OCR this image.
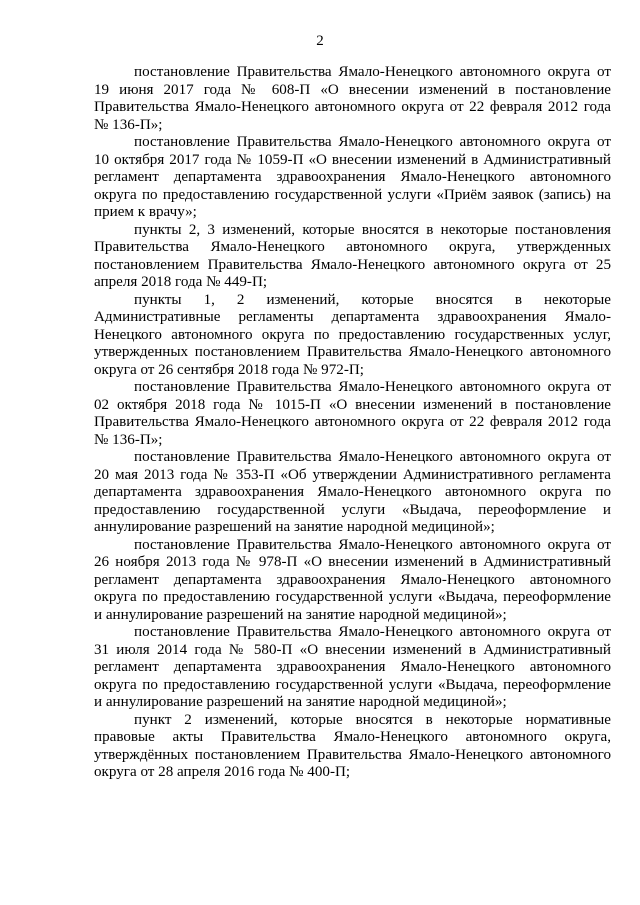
2

постановление Правительства Ямало-Ненецкого автономного округа от 19 июня 2017 года № 608-П «О внесении изменений в постановление Правительства Ямало-Ненецкого автономного округа от 22 февраля 2012 года № 136-П»;

постановление Правительства Ямало-Ненецкого автономного округа от 10 октября 2017 года № 1059-П «О внесении изменений в Административный регламент департамента здравоохранения Ямало-Ненецкого автономного округа по предоставлению государственной услуги «Приём заявок (запись) на прием к врачу»;

пункты 2, 3 изменений, которые вносятся в некоторые постановления Правительства Ямало-Ненецкого автономного округа, утвержденных постановлением Правительства Ямало-Ненецкого автономного округа от 25 апреля 2018 года № 449-П;

пункты 1, 2 изменений, которые вносятся в некоторые Административные регламенты департамента здравоохранения Ямало-Ненецкого автономного округа по предоставлению государственных услуг, утвержденных постановлением Правительства Ямало-Ненецкого автономного округа от 26 сентября 2018 года № 972-П;

постановление Правительства Ямало-Ненецкого автономного округа от 02 октября 2018 года № 1015-П «О внесении изменений в постановление Правительства Ямало-Ненецкого автономного округа от 22 февраля 2012 года № 136-П»;

постановление Правительства Ямало-Ненецкого автономного округа от 20 мая 2013 года № 353-П «Об утверждении Административного регламента департамента здравоохранения Ямало-Ненецкого автономного округа по предоставлению государственной услуги «Выдача, переоформление и аннулирование разрешений на занятие народной медициной»;

постановление Правительства Ямало-Ненецкого автономного округа от 26 ноября 2013 года № 978-П «О внесении изменений в Административный регламент департамента здравоохранения Ямало-Ненецкого автономного округа по предоставлению государственной услуги «Выдача, переоформление и аннулирование разрешений на занятие народной медициной»;

постановление Правительства Ямало-Ненецкого автономного округа от 31 июля 2014 года № 580-П «О внесении изменений в Административный регламент департамента здравоохранения Ямало-Ненецкого автономного округа по предоставлению государственной услуги «Выдача, переоформление и аннулирование разрешений на занятие народной медициной»;

пункт 2 изменений, которые вносятся в некоторые нормативные правовые акты Правительства Ямало-Ненецкого автономного округа, утверждённых постановлением Правительства Ямало-Ненецкого автономного округа от 28 апреля 2016 года № 400-П;
